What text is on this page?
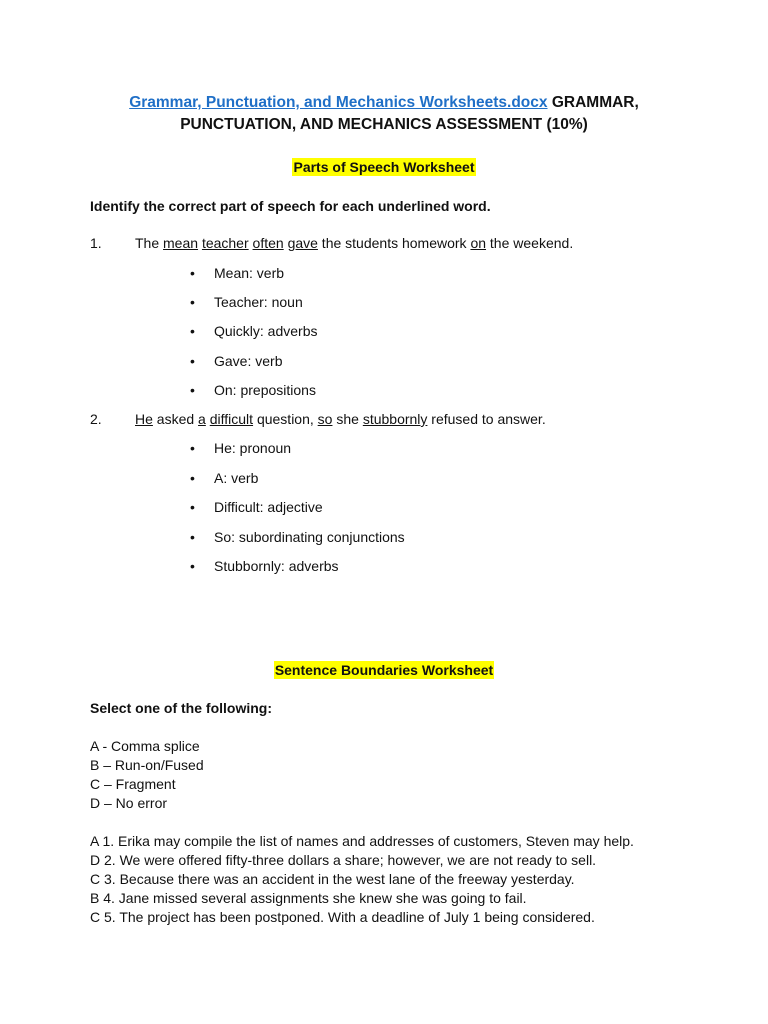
Grammar, Punctuation, and Mechanics Worksheets.docx GRAMMAR,
PUNCTUATION, AND MECHANICS ASSESSMENT (10%)
Parts of Speech Worksheet
Identify the correct part of speech for each underlined word.
1. The mean teacher often gave the students homework on the weekend.
• Mean: verb
• Teacher: noun
• Quickly: adverbs
• Gave: verb
• On: prepositions
2. He asked a difficult question, so she stubbornly refused to answer.
• He: pronoun
• A: verb
• Difficult: adjective
• So: subordinating conjunctions
• Stubbornly: adverbs
Sentence Boundaries Worksheet
Select one of the following:
A - Comma splice
B – Run-on/Fused
C – Fragment
D – No error
A 1. Erika may compile the list of names and addresses of customers, Steven may help.
D 2. We were offered fifty-three dollars a share; however, we are not ready to sell.
C 3. Because there was an accident in the west lane of the freeway yesterday.
B 4. Jane missed several assignments she knew she was going to fail.
C 5. The project has been postponed. With a deadline of July 1 being considered.
